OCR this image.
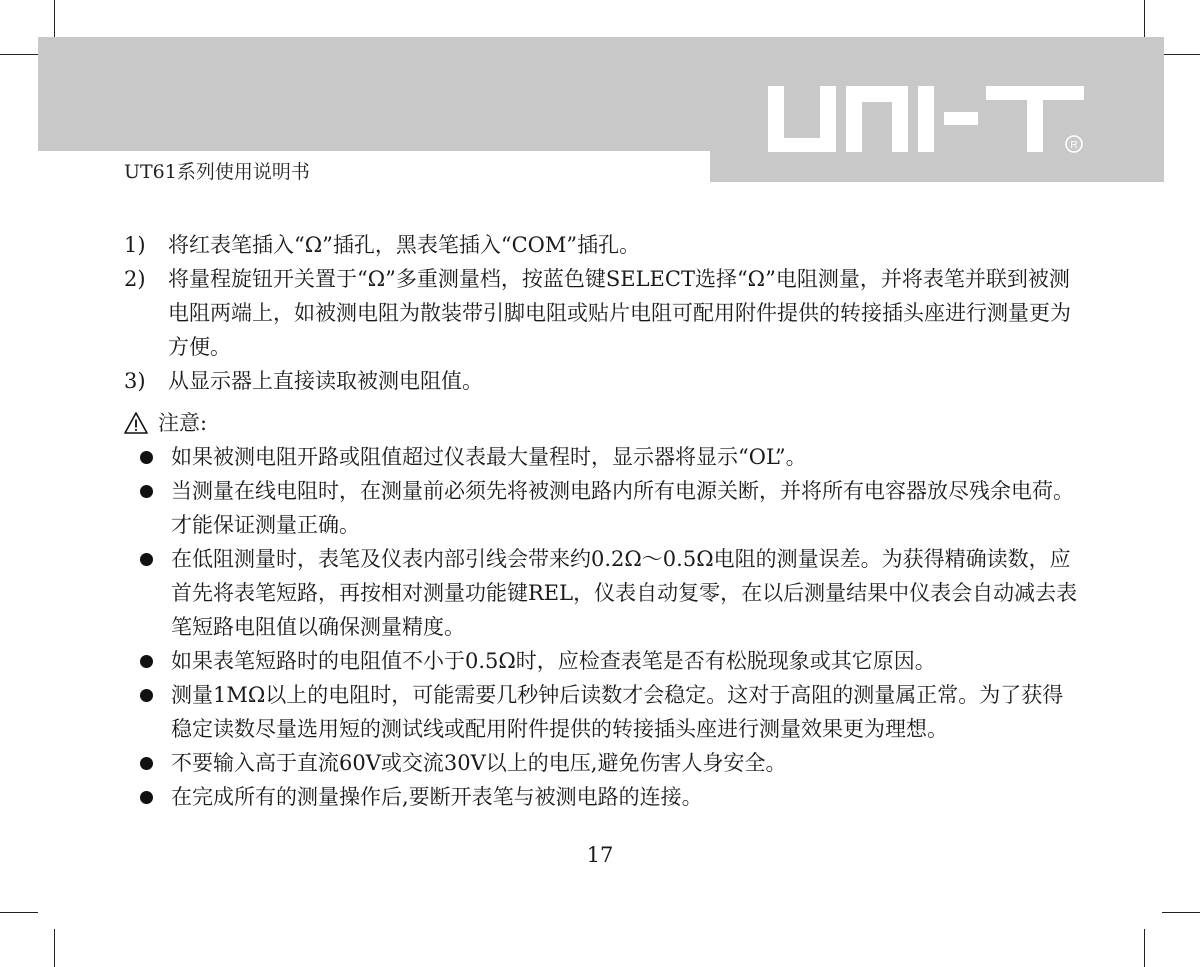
UT61系列使用说明书
R
1)	将红表笔插入“Ω”插孔，黑表笔插入“COM”插孔。
2)	将量程旋钮开关置于“Ω”多重测量档，按蓝色键SELECT选择“Ω”电阻测量，并将表笔并联到被测电阻两端上，如被测电阻为散装带引脚电阻或贴片电阻可配用附件提供的转接插头座进行测量更为方便。
3)	从显示器上直接读取被测电阻值。
注意:
如果被测电阻开路或阻值超过仪表最大量程时，显示器将显示“OL”。
当测量在线电阻时，在测量前必须先将被测电路内所有电源关断，并将所有电容器放尽残余电荷。才能保证测量正确。
在低阻测量时，表笔及仪表内部引线会带来约0.2Ω～0.5Ω电阻的测量误差。为获得精确读数，应首先将表笔短路，再按相对测量功能键REL，仪表自动复零，在以后测量结果中仪表会自动减去表笔短路电阻值以确保测量精度。
如果表笔短路时的电阻值不小于0.5Ω时，应检查表笔是否有松脱现象或其它原因。
测量1MΩ以上的电阻时，可能需要几秒钟后读数才会稳定。这对于高阻的测量属正常。为了获得稳定读数尽量选用短的测试线或配用附件提供的转接插头座进行测量效果更为理想。
不要输入高于直流60V或交流30V以上的电压,避免伤害人身安全。
在完成所有的测量操作后,要断开表笔与被测电路的连接。
17
